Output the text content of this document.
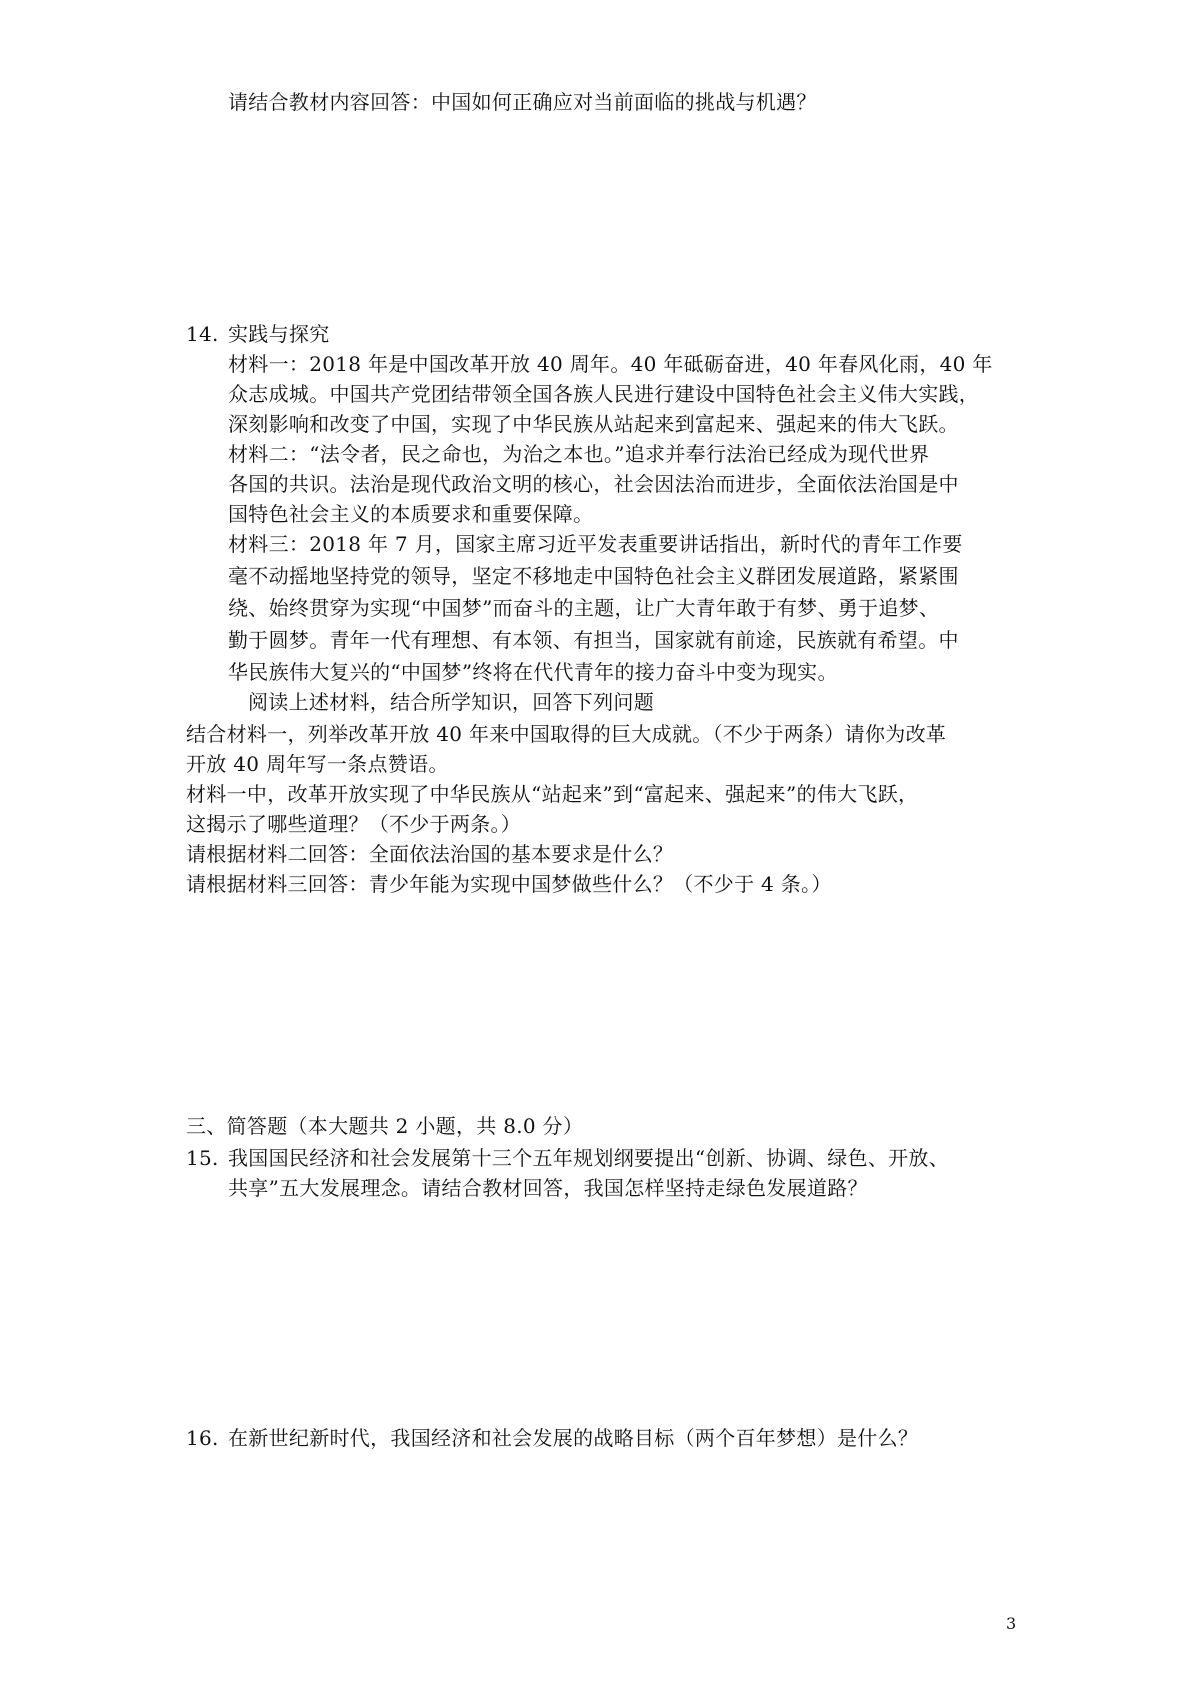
请结合教材内容回答：中国如何正确应对当前面临的挑战与机遇？
14. 实践与探究
材料一：2018 年是中国改革开放 40 周年。40 年砥砺奋进，40 年春风化雨，40 年
众志成城。中国共产党团结带领全国各族人民进行建设中国特色社会主义伟大实践，
深刻影响和改变了中国，实现了中华民族从站起来到富起来、强起来的伟大飞跃。
材料二：“法令者，民之命也，为治之本也。”追求并奉行法治已经成为现代世界
各国的共识。法治是现代政治文明的核心，社会因法治而进步，全面依法治国是中
国特色社会主义的本质要求和重要保障。
材料三：2018 年 7 月，国家主席习近平发表重要讲话指出，新时代的青年工作要
毫不动摇地坚持党的领导，坚定不移地走中国特色社会主义群团发展道路，紧紧围
绕、始终贯穿为实现“中国梦”而奋斗的主题，让广大青年敢于有梦、勇于追梦、
勤于圆梦。青年一代有理想、有本领、有担当，国家就有前途，民族就有希望。中
华民族伟大复兴的“中国梦”终将在代代青年的接力奋斗中变为现实。
阅读上述材料，结合所学知识，回答下列问题
结合材料一，列举改革开放 40 年来中国取得的巨大成就。（不少于两条）请你为改革
开放 40 周年写一条点赞语。
材料一中，改革开放实现了中华民族从“站起来”到“富起来、强起来”的伟大飞跃，
这揭示了哪些道理？（不少于两条。）
请根据材料二回答：全面依法治国的基本要求是什么？
请根据材料三回答：青少年能为实现中国梦做些什么？（不少于 4 条。）
三、简答题（本大题共 2 小题，共 8.0 分）
15. 我国国民经济和社会发展第十三个五年规划纲要提出“创新、协调、绿色、开放、
共享”五大发展理念。请结合教材回答，我国怎样坚持走绿色发展道路？
16. 在新世纪新时代，我国经济和社会发展的战略目标（两个百年梦想）是什么？
3
